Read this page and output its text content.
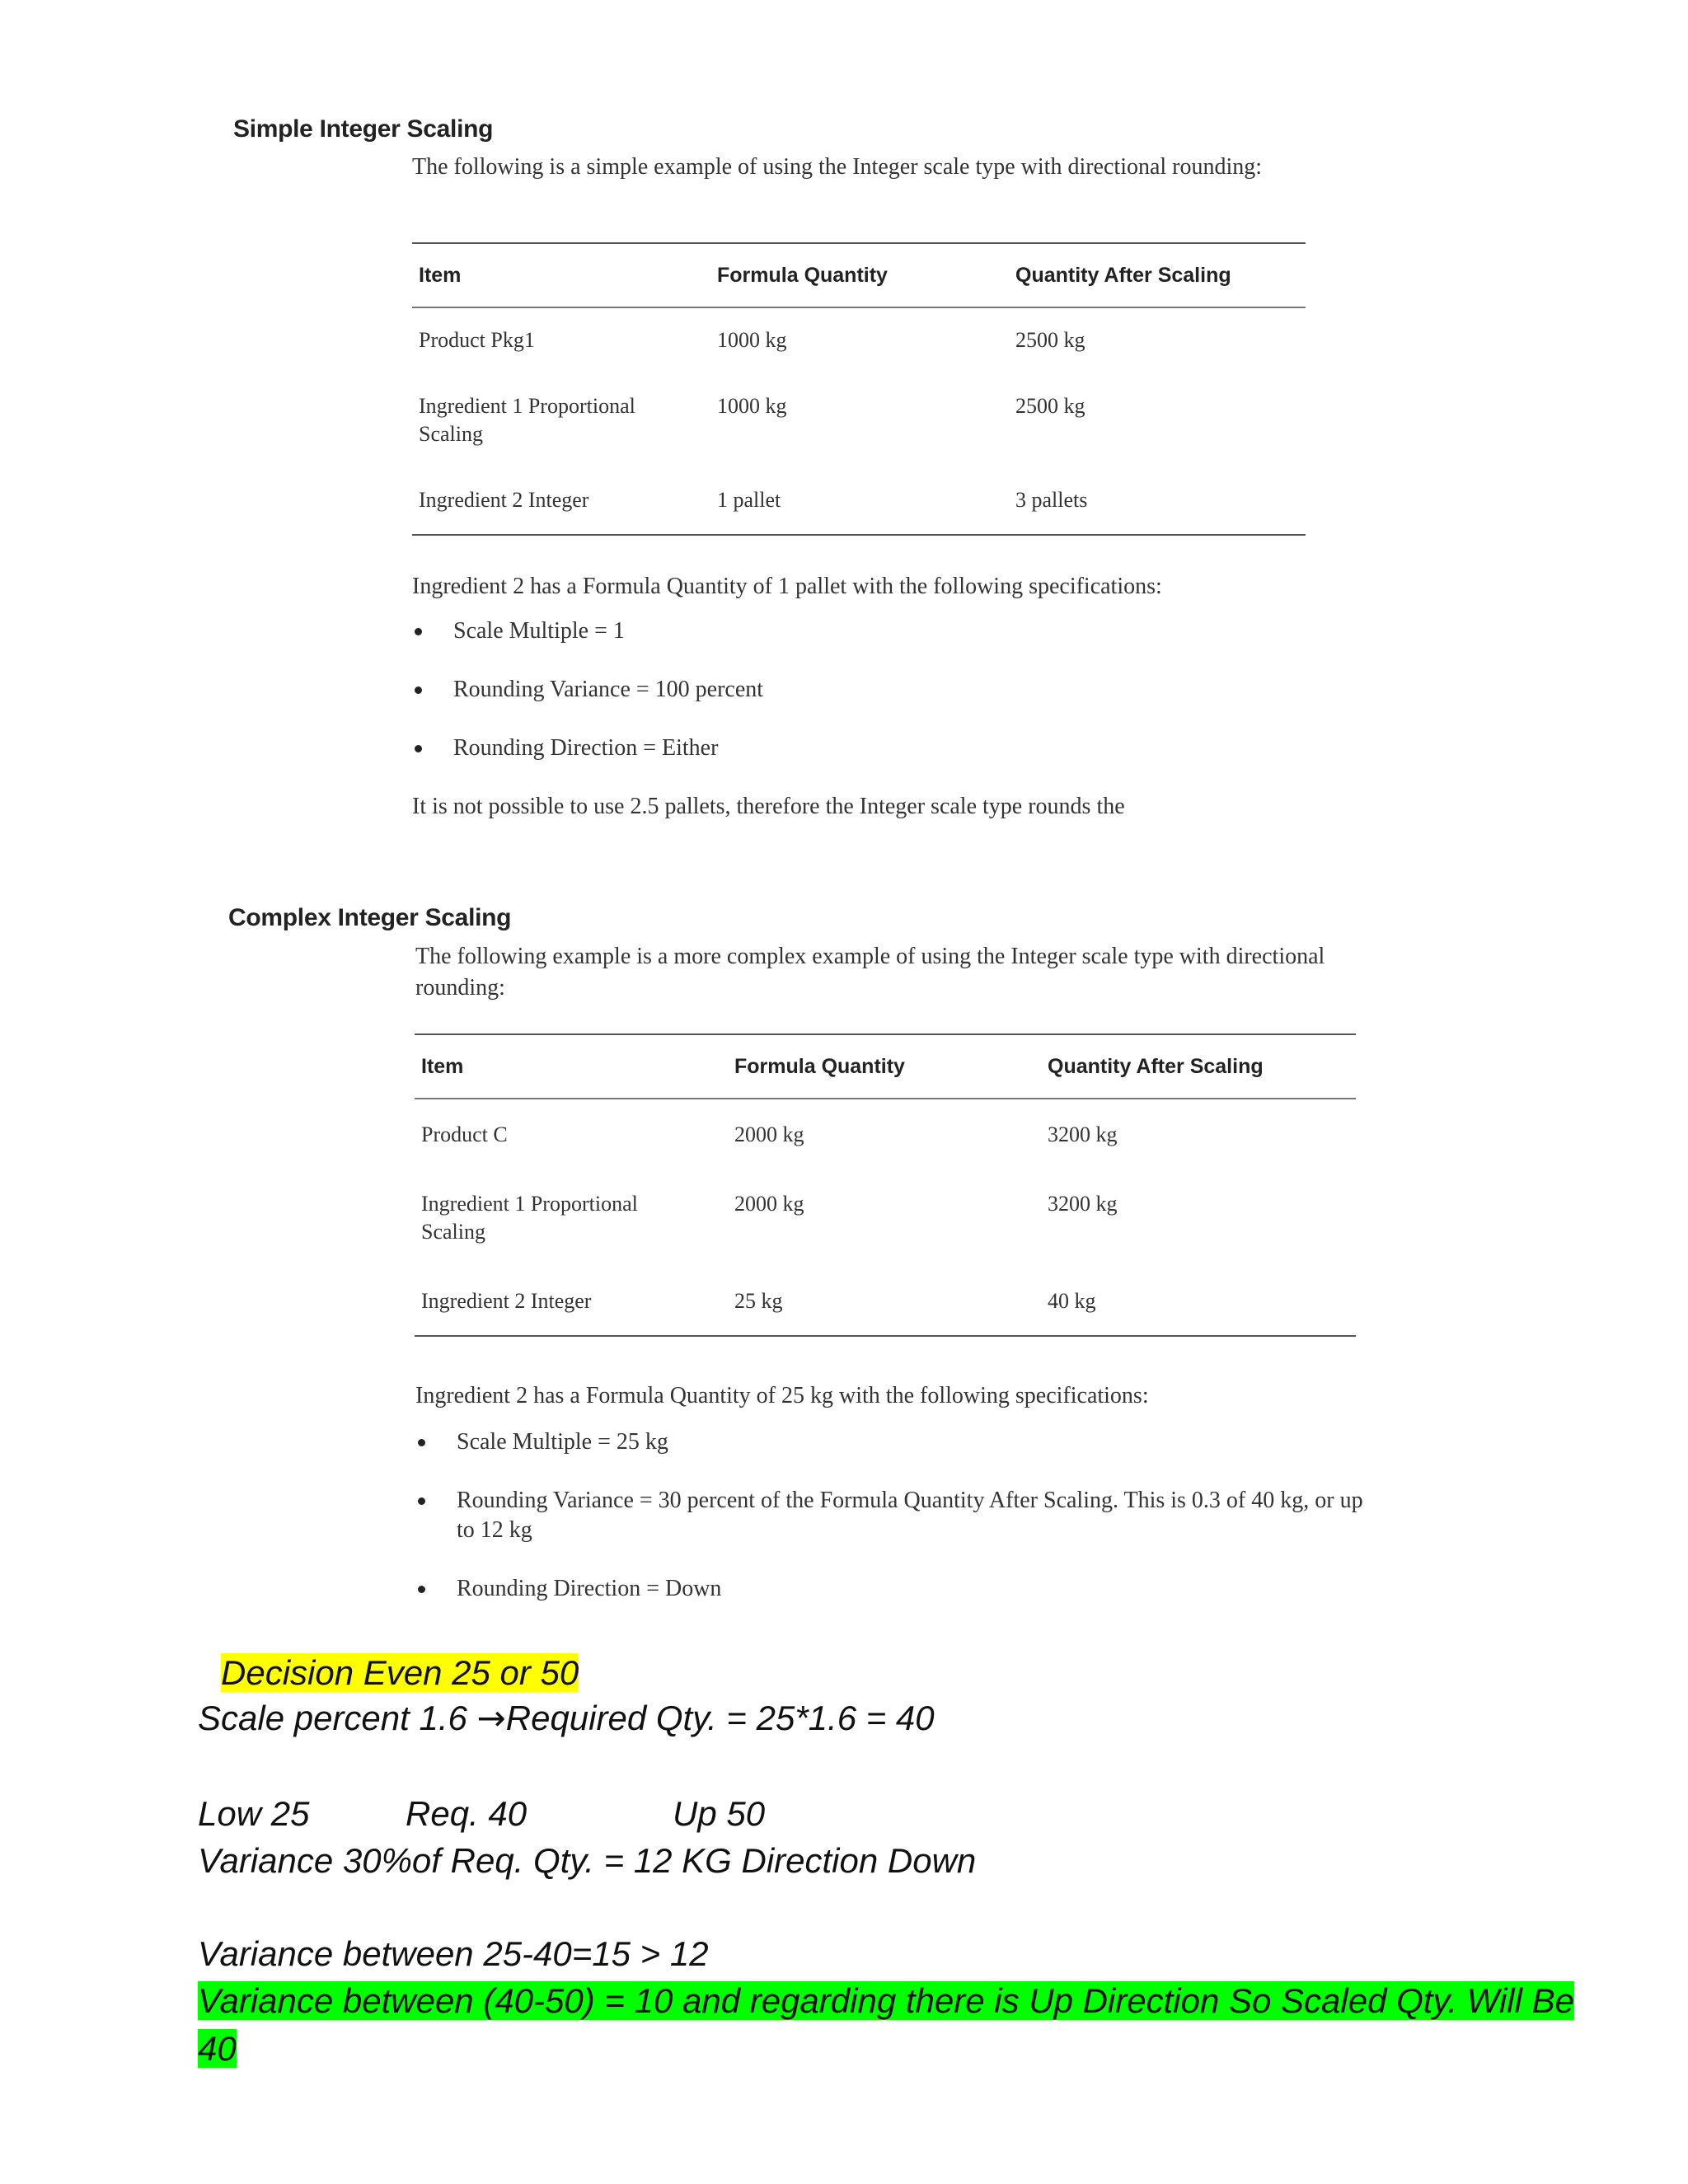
Simple Integer Scaling
The following is a simple example of using the Integer scale type with directional rounding:
Item	Formula Quantity	Quantity After Scaling
Product Pkg1	1000 kg	2500 kg
Ingredient 1 Proportional Scaling	1000 kg	2500 kg
Ingredient 2 Integer	1 pallet	3 pallets
Ingredient 2 has a Formula Quantity of 1 pallet with the following specifications:
Scale Multiple = 1
Rounding Variance = 100 percent
Rounding Direction = Either
It is not possible to use 2.5 pallets, therefore the Integer scale type rounds the
Complex Integer Scaling
The following example is a more complex example of using the Integer scale type with directional rounding:
Item	Formula Quantity	Quantity After Scaling
Product C	2000 kg	3200 kg
Ingredient 1 Proportional Scaling	2000 kg	3200 kg
Ingredient 2 Integer	25 kg	40 kg
Ingredient 2 has a Formula Quantity of 25 kg with the following specifications:
Scale Multiple = 25 kg
Rounding Variance = 30 percent of the Formula Quantity After Scaling. This is 0.3 of 40 kg, or up to 12 kg
Rounding Direction = Down
Decision Even 25 or 50
Scale percent 1.6 →Required Qty. = 25*1.6 = 40
Low 25	Req. 40	Up 50
Variance 30%of Req. Qty. = 12 KG Direction Down
Variance between 25-40=15 > 12
Variance between (40-50) = 10 and regarding there is Up Direction So Scaled Qty. Will Be 40
